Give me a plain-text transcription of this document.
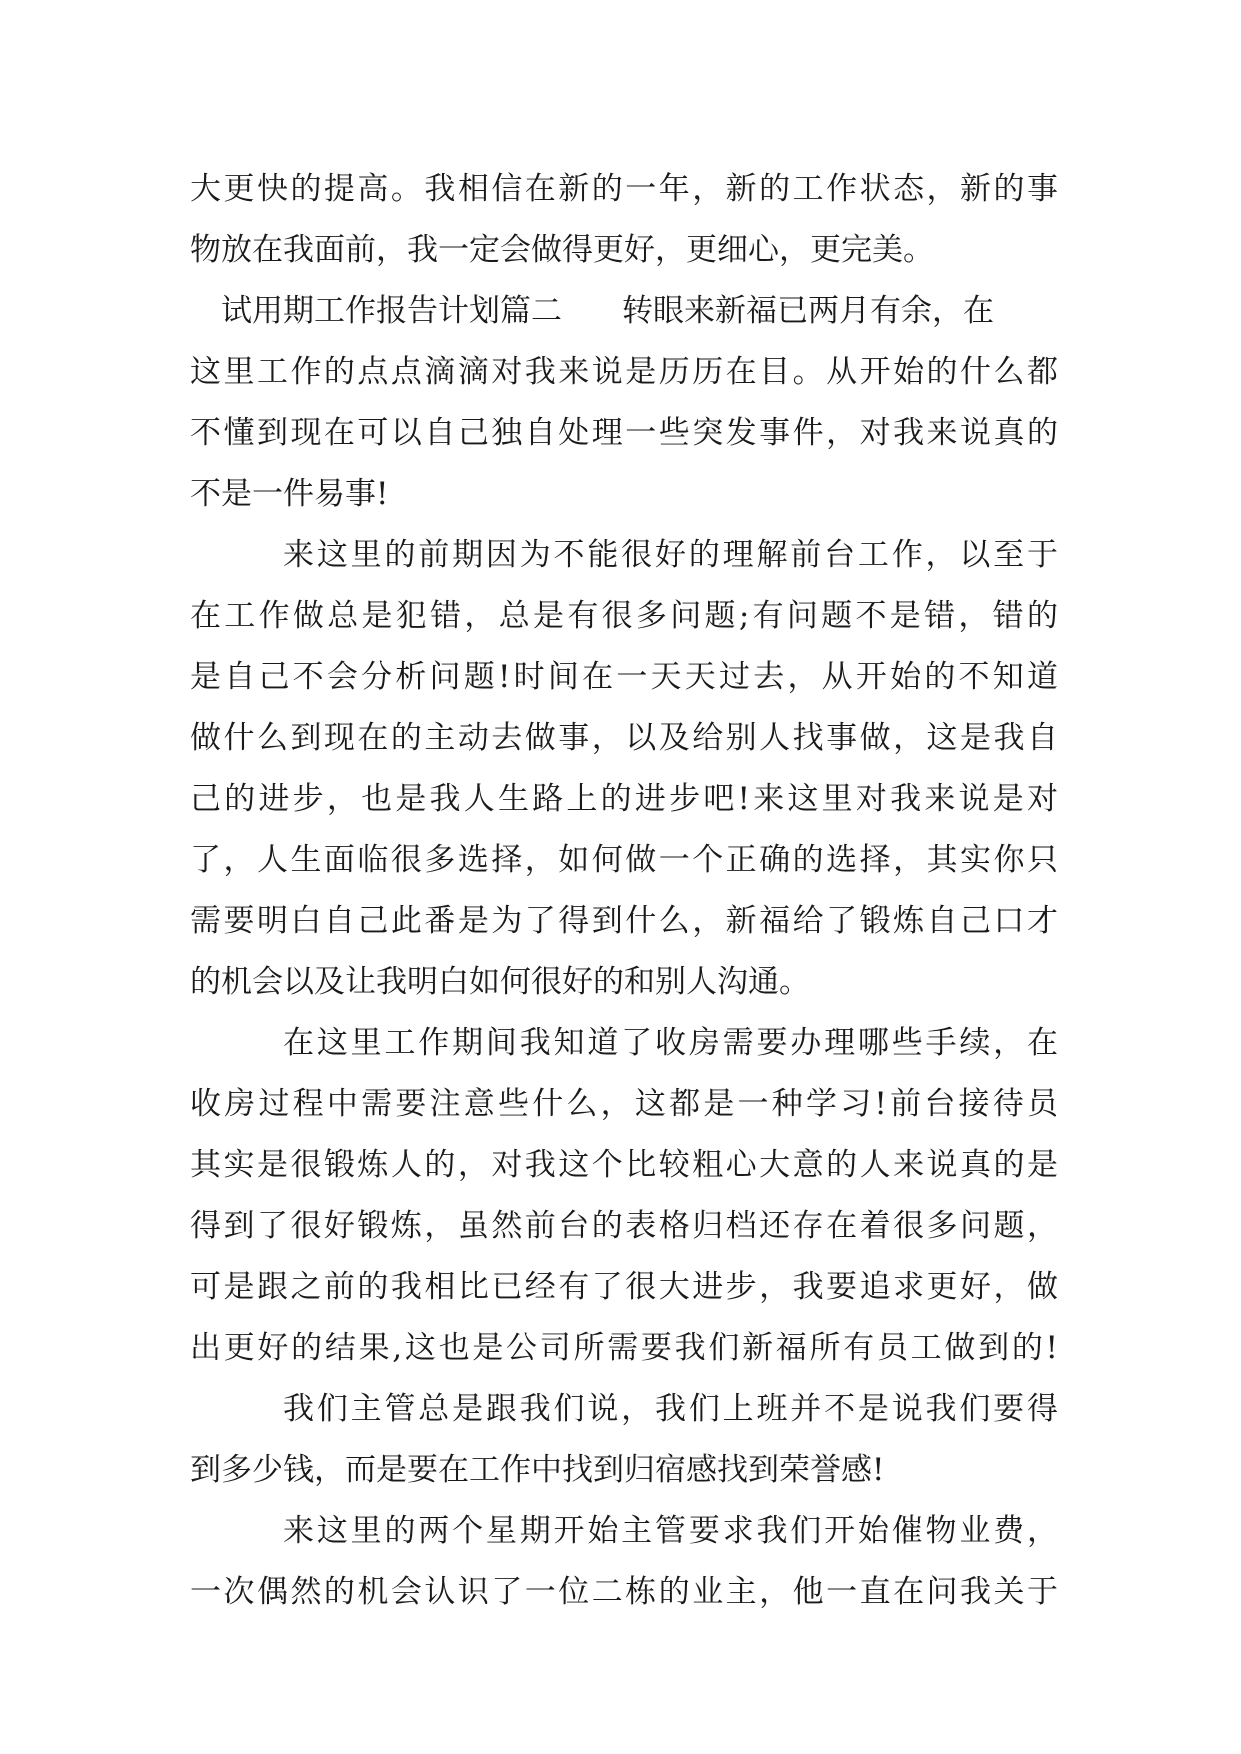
大更快的提高。我相信在新的一年，新的工作状态，新的事
物放在我面前，我一定会做得更好，更细心，更完美。
试用期工作报告计划篇二 转眼来新福已两月有余，在
这里工作的点点滴滴对我来说是历历在目。从开始的什么都
不懂到现在可以自己独自处理一些突发事件，对我来说真的
不是一件易事!
来这里的前期因为不能很好的理解前台工作，以至于
在工作做总是犯错，总是有很多问题;有问题不是错，错的
是自己不会分析问题!时间在一天天过去，从开始的不知道
做什么到现在的主动去做事，以及给别人找事做，这是我自
己的进步，也是我人生路上的进步吧!来这里对我来说是对
了，人生面临很多选择，如何做一个正确的选择，其实你只
需要明白自己此番是为了得到什么，新福给了锻炼自己口才
的机会以及让我明白如何很好的和别人沟通。
在这里工作期间我知道了收房需要办理哪些手续，在
收房过程中需要注意些什么，这都是一种学习!前台接待员
其实是很锻炼人的，对我这个比较粗心大意的人来说真的是
得到了很好锻炼，虽然前台的表格归档还存在着很多问题，
可是跟之前的我相比已经有了很大进步，我要追求更好，做
出更好的结果,这也是公司所需要我们新福所有员工做到的!
我们主管总是跟我们说，我们上班并不是说我们要得
到多少钱，而是要在工作中找到归宿感找到荣誉感!
来这里的两个星期开始主管要求我们开始催物业费，
一次偶然的机会认识了一位二栋的业主，他一直在问我关于
